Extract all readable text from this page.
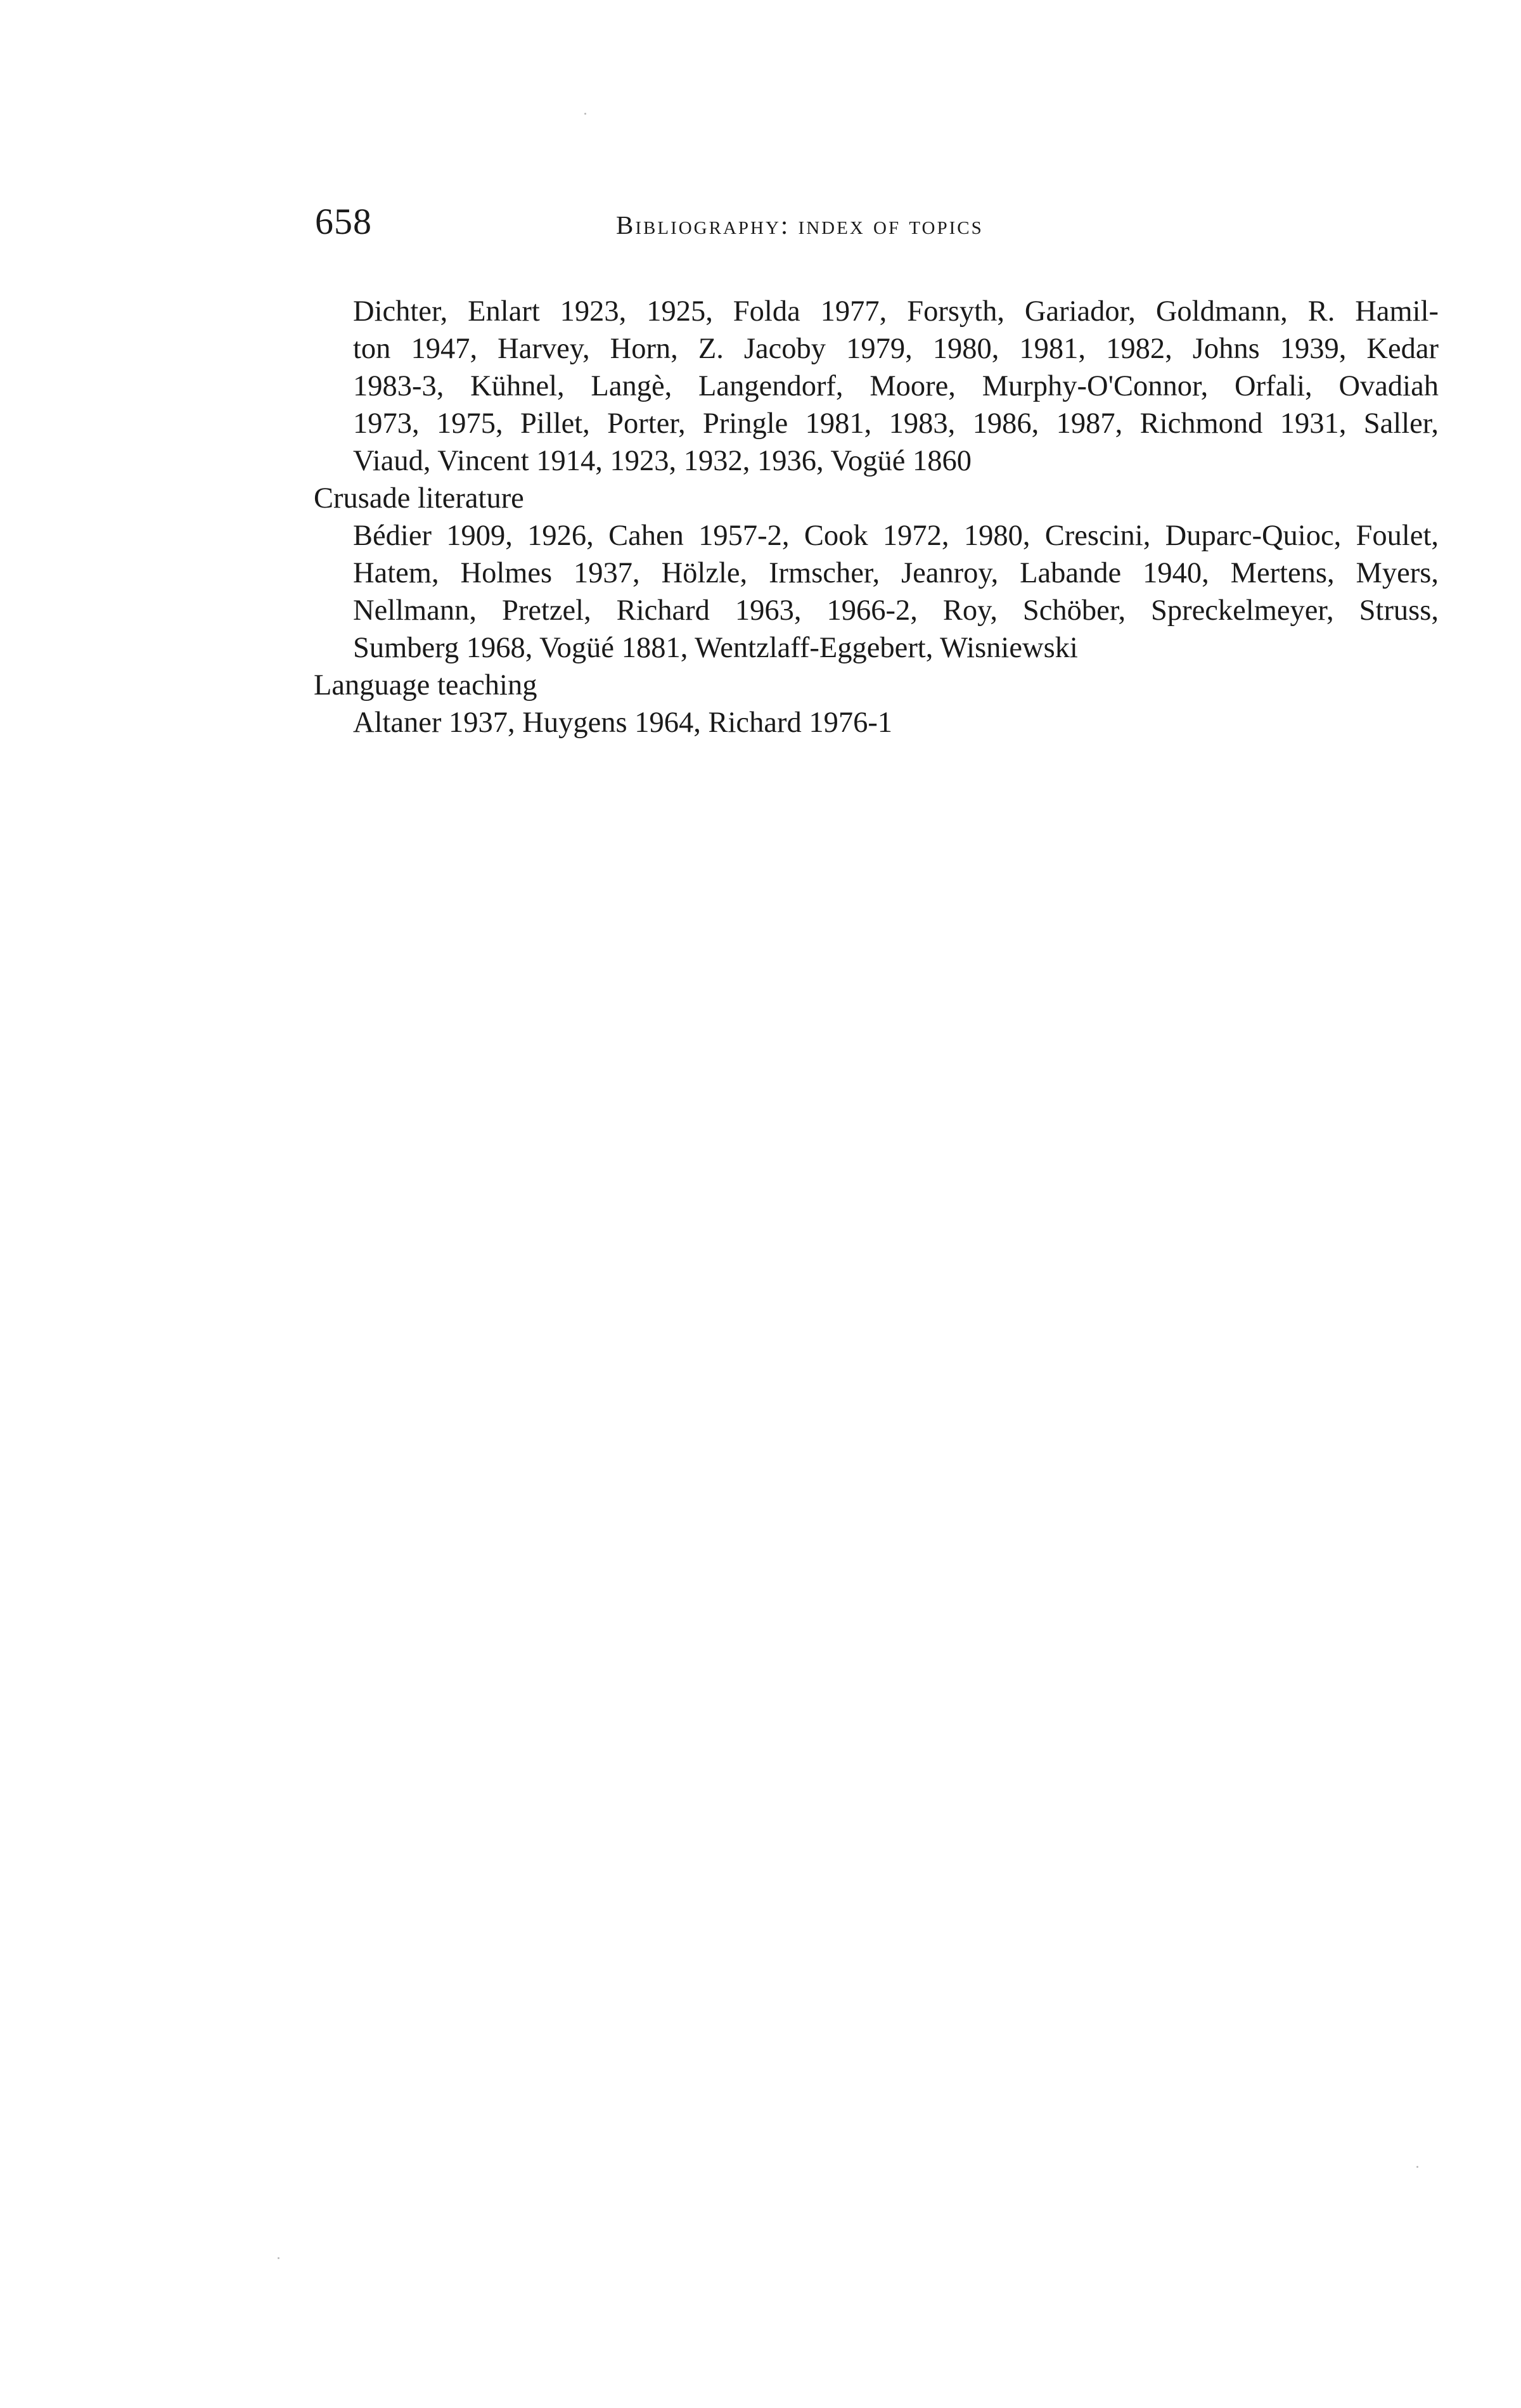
658	bibliography: index of topics
Dichter, Enlart 1923, 1925, Folda 1977, Forsyth, Gariador, Goldmann, R. Hamil-
ton 1947, Harvey, Horn, Z. Jacoby 1979, 1980, 1981, 1982, Johns 1939, Kedar
1983-3, Kühnel, Langè, Langendorf, Moore, Murphy-O'Connor, Orfali, Ovadiah
1973, 1975, Pillet, Porter, Pringle 1981, 1983, 1986, 1987, Richmond 1931, Saller,
Viaud, Vincent 1914, 1923, 1932, 1936, Vogüé 1860
Crusade literature
Bédier 1909, 1926, Cahen 1957-2, Cook 1972, 1980, Crescini, Duparc-Quioc, Foulet,
Hatem, Holmes 1937, Hölzle, Irmscher, Jeanroy, Labande 1940, Mertens, Myers,
Nellmann, Pretzel, Richard 1963, 1966-2, Roy, Schöber, Spreckelmeyer, Struss,
Sumberg 1968, Vogüé 1881, Wentzlaff-Eggebert, Wisniewski
Language teaching
Altaner 1937, Huygens 1964, Richard 1976-1
